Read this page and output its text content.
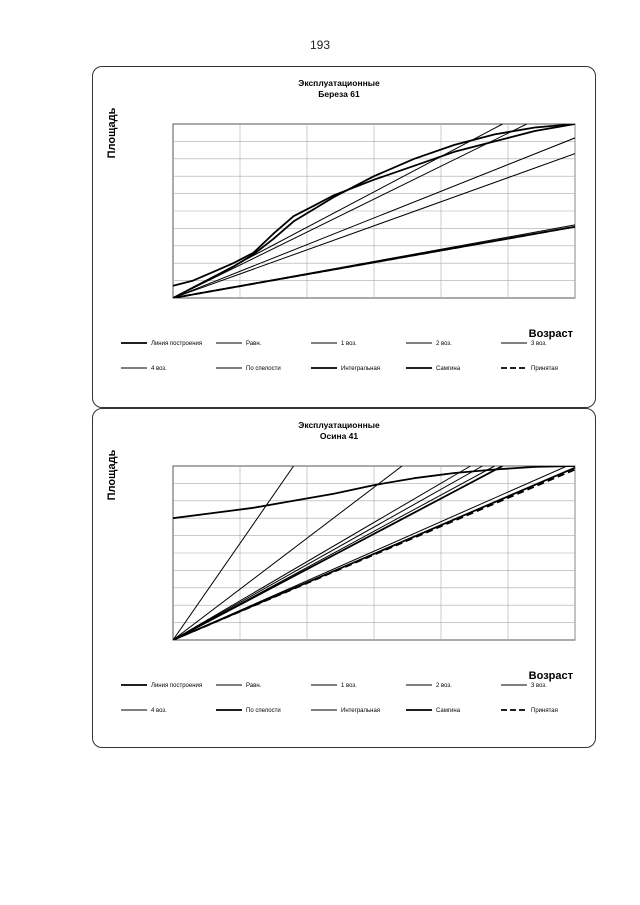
193
Эксплуатационные
Береза 61
Площадь
Возраст
Линия построения	Равн.	1 воз.	2 воз.	3 воз.
4 воз.	По спелости	Интегральная	Самгина	Принятая
Эксплуатационные
Осина 41
Площадь
Возраст
Линия построения	Равн.	1 воз.	2 воз.	3 воз.
4 воз.	По спелости	Интегральная	Самгина	Принятая
